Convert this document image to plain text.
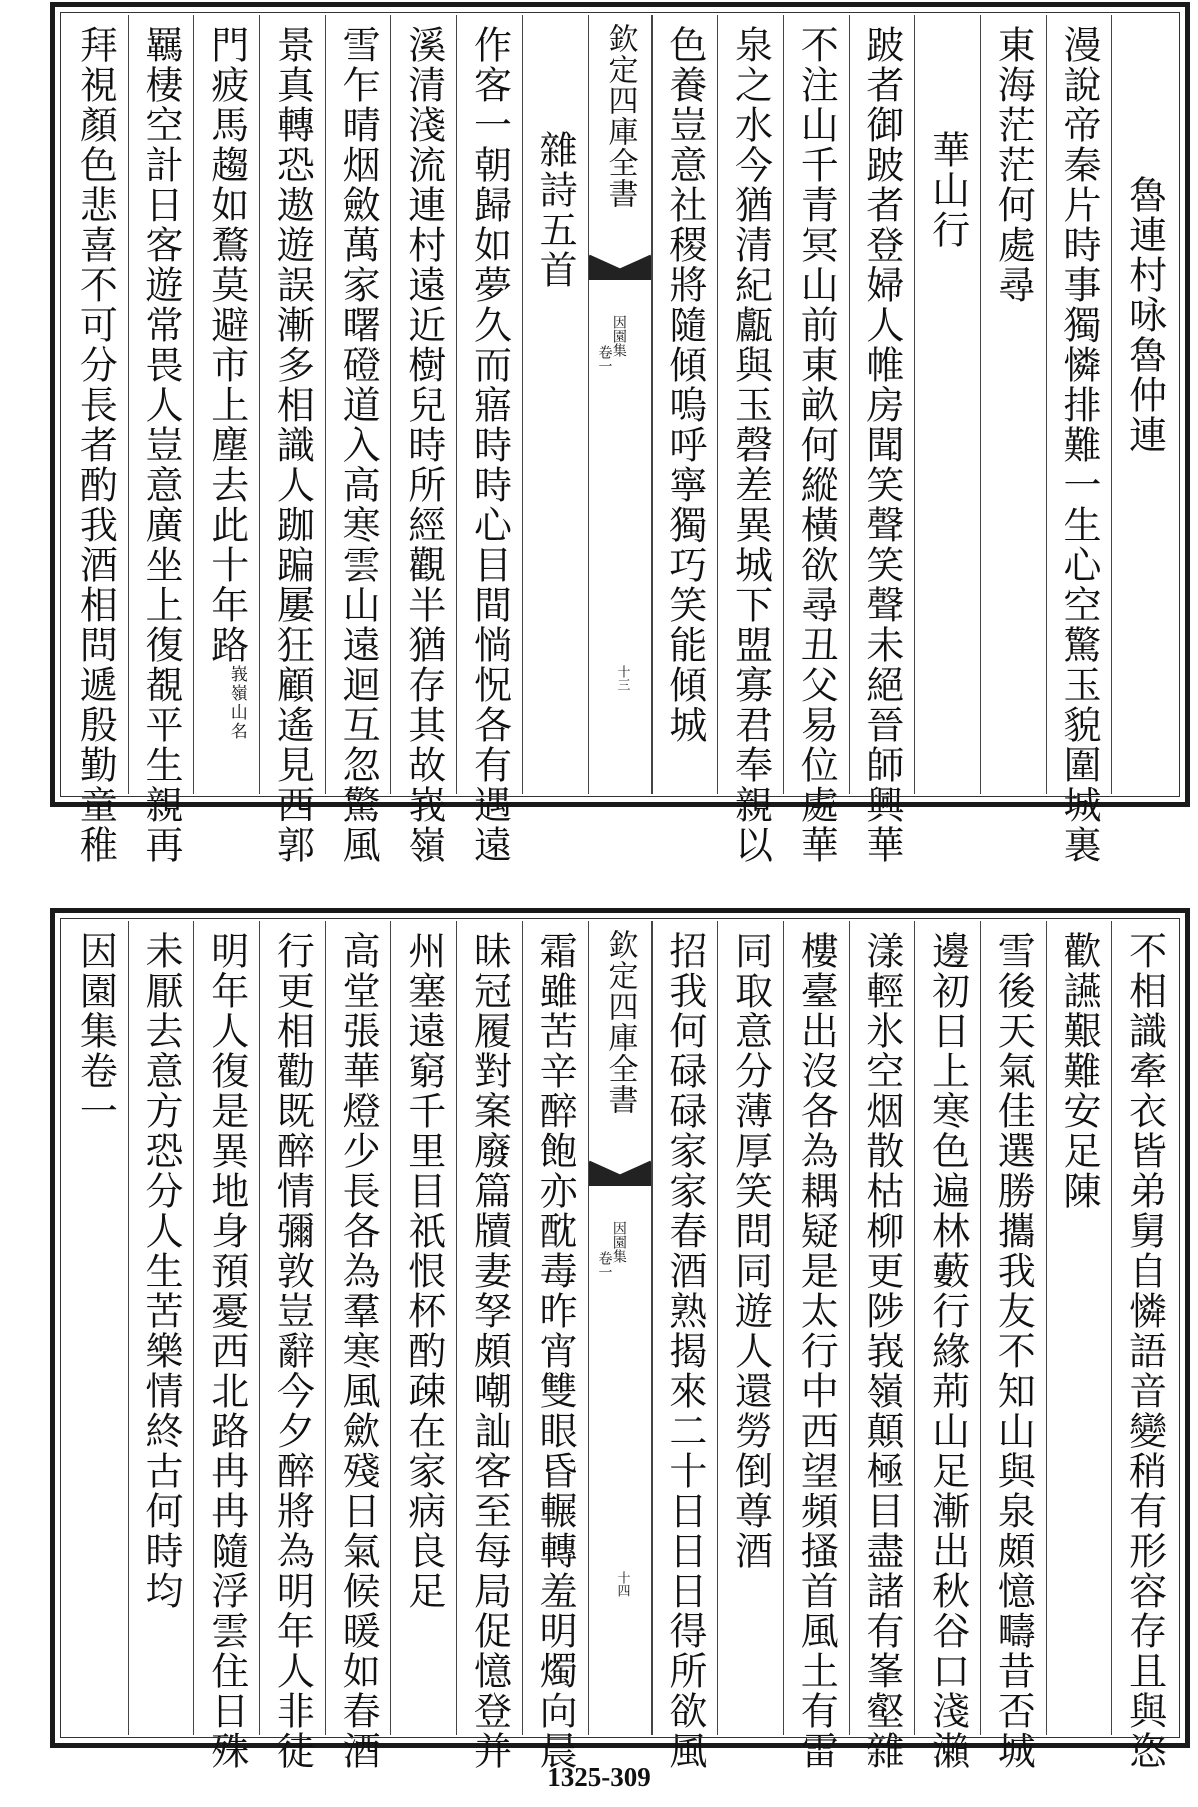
魯連村咏魯仲連
漫說帝秦片時事獨憐排難一生心空驚玉貌圍城裏
東海茫茫何處尋
華山行
跛者御跛者登婦人帷房聞笑聲笑聲未絕晉師興華
不注山千青冥山前東畝何縱橫欲尋丑父易位處華
泉之水今猶清紀甗與玉磬差異城下盟寡君奉親以
色養豈意社稷將隨傾嗚呼寧獨巧笑能傾城
欽定四庫全書
因園集
卷一
十三
雜詩五首
作客一朝歸如夢久而寤時時心目間惝怳各有遇遠
溪清淺流連村遠近樹兒時所經觀半猶存其故峩嶺
雪乍晴烟斂萬家曙磴道入高寒雲山遠迴互忽驚風
景真轉恐遨遊誤漸多相識人跏蹁屢狂顧遙見西郭
門疲馬趨如鶩莫避市上塵去此十年路峩嶺山名
羈棲空計日客遊常畏人豈意廣坐上復覩平生親再
拜視顏色悲喜不可分長者酌我酒相問遞殷勤童稚
不相識牽衣皆弟舅自憐語音變稍有形容存且與恣
歡讌艱難安足陳
雪後天氣佳選勝攜我友不知山與泉頗憶疇昔否城
邊初日上寒色遍林藪行緣荊山足漸出秋谷口淺瀨
漾輕氷空烟散枯柳更陟峩嶺顛極目盡諸有峯壑雜
樓臺出沒各為耦疑是太行中西望頻搔首風土有雷
同取意分薄厚笑問同遊人還勞倒尊酒
招我何碌碌家家春酒熟揭來二十日日日得所欲風
欽定四庫全書
因園集
卷一
十四
霜雖苦辛醉飽亦酖毒昨宵雙眼昏輾轉羞明燭向晨
昧冠履對案廢篇牘妻孥頗嘲訕客至每局促憶登并
州塞遠窮千里目祇恨杯酌疎在家病良足
高堂張華燈少長各為羣寒風歛殘日氣候暖如春酒
行更相勸既醉情彌敦豈辭今夕醉將為明年人非徒
明年人復是異地身預憂西北路冉冉隨浮雲住日殊
未厭去意方恐分人生苦樂情終古何時均
因園集卷一
1325-309
